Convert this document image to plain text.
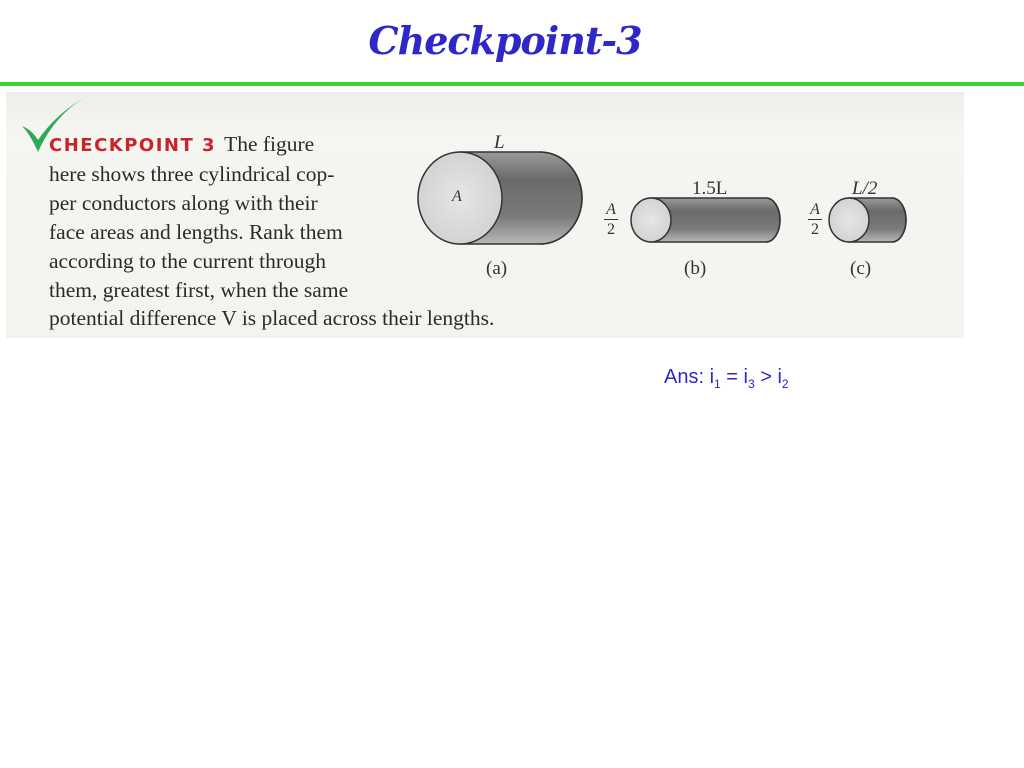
Checkpoint-3

CHECKPOINT 3 The figure
here shows three cylindrical cop-
per conductors along with their
face areas and lengths. Rank them
according to the current through
them, greatest first, when the same

potential difference V is placed across their lengths.

L
A
(a)
1.5L
A
2
(b)
L/2
A
2
(c)
Ans: $i_1 = i_3 > i_2$
